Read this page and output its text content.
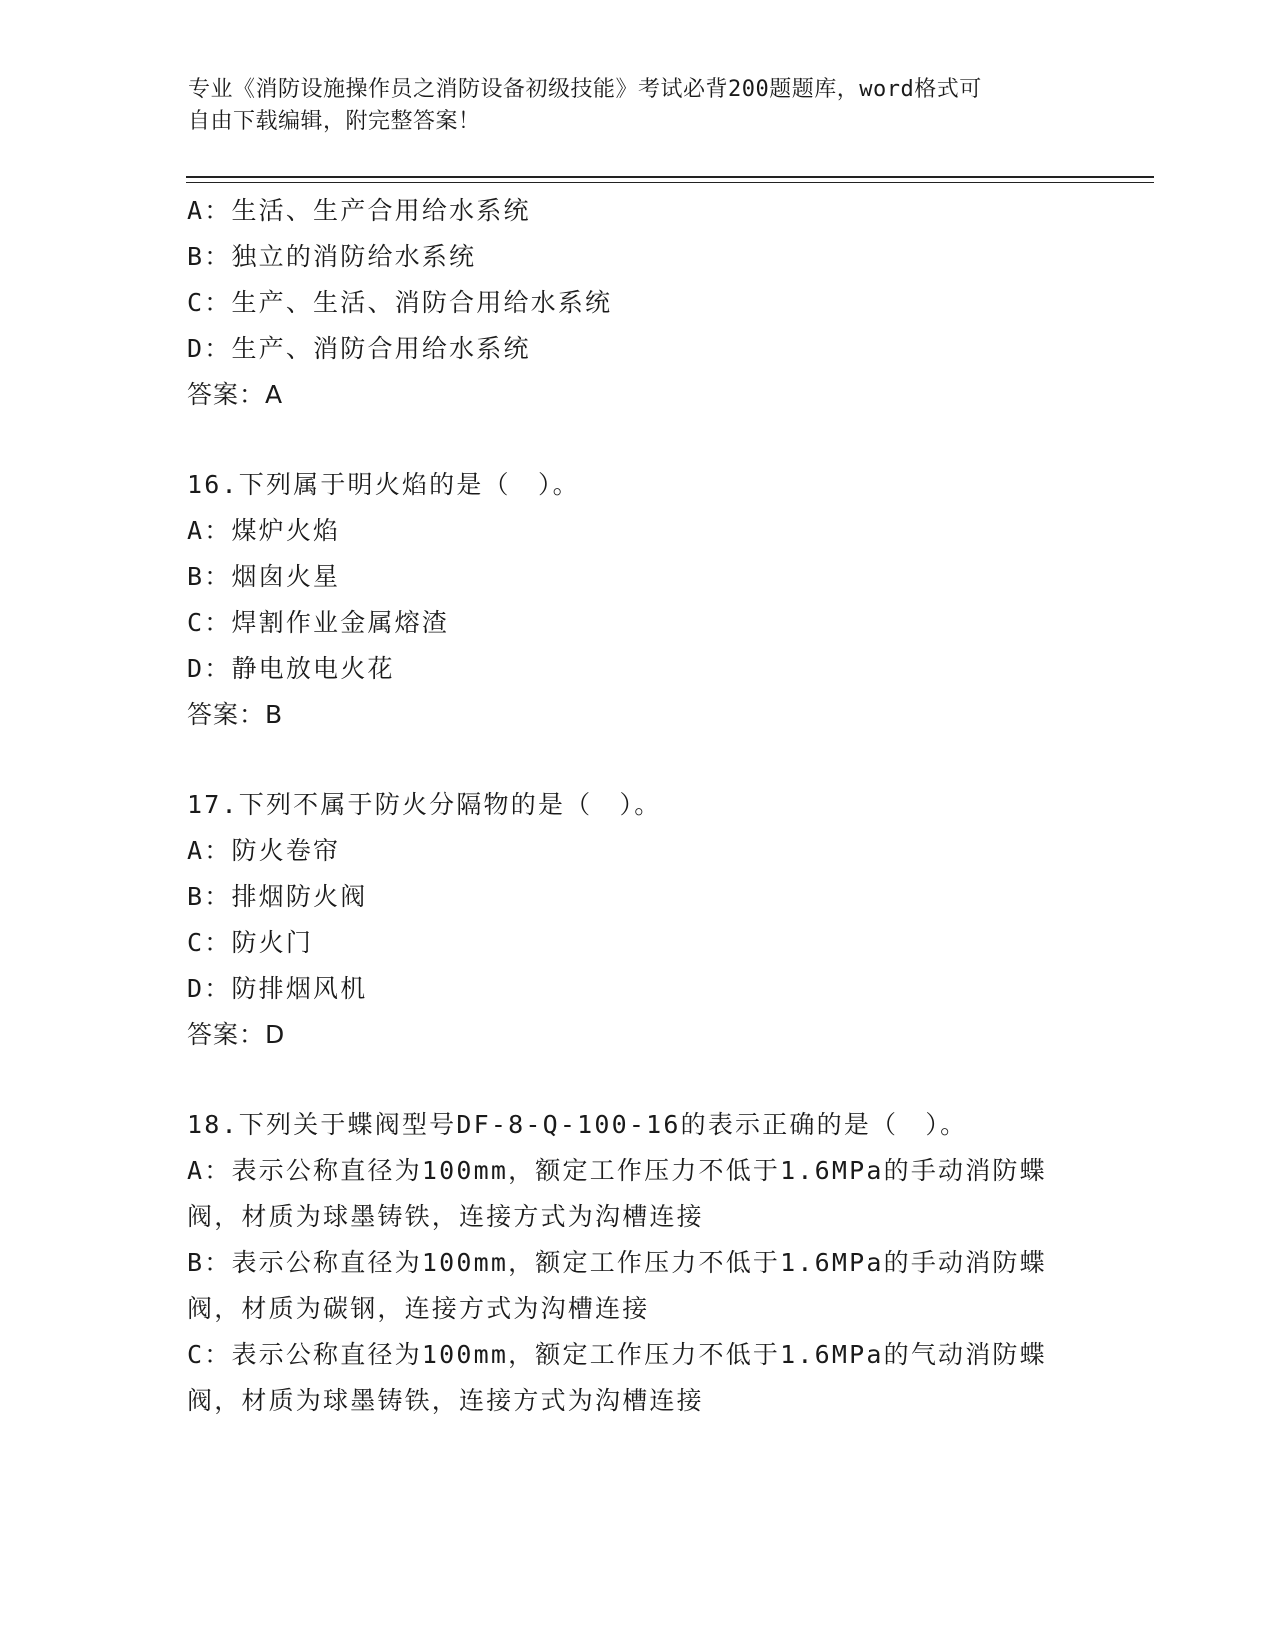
专业《消防设施操作员之消防设备初级技能》考试必背200题题库，word格式可
自由下载编辑，附完整答案！
A：生活、生产合用给水系统
B：独立的消防给水系统
C：生产、生活、消防合用给水系统
D：生产、消防合用给水系统
答案：A
16.下列属于明火焰的是（　）。
A：煤炉火焰
B：烟囱火星
C：焊割作业金属熔渣
D：静电放电火花
答案：B
17.下列不属于防火分隔物的是（　）。
A：防火卷帘
B：排烟防火阀
C：防火门
D：防排烟风机
答案：D
18.下列关于蝶阀型号DF-8-Q-100-16的表示正确的是（　）。
A：表示公称直径为100mm，额定工作压力不低于1.6MPa的手动消防蝶
阀，材质为球墨铸铁，连接方式为沟槽连接
B：表示公称直径为100mm，额定工作压力不低于1.6MPa的手动消防蝶
阀，材质为碳钢，连接方式为沟槽连接
C：表示公称直径为100mm，额定工作压力不低于1.6MPa的气动消防蝶
阀，材质为球墨铸铁，连接方式为沟槽连接
